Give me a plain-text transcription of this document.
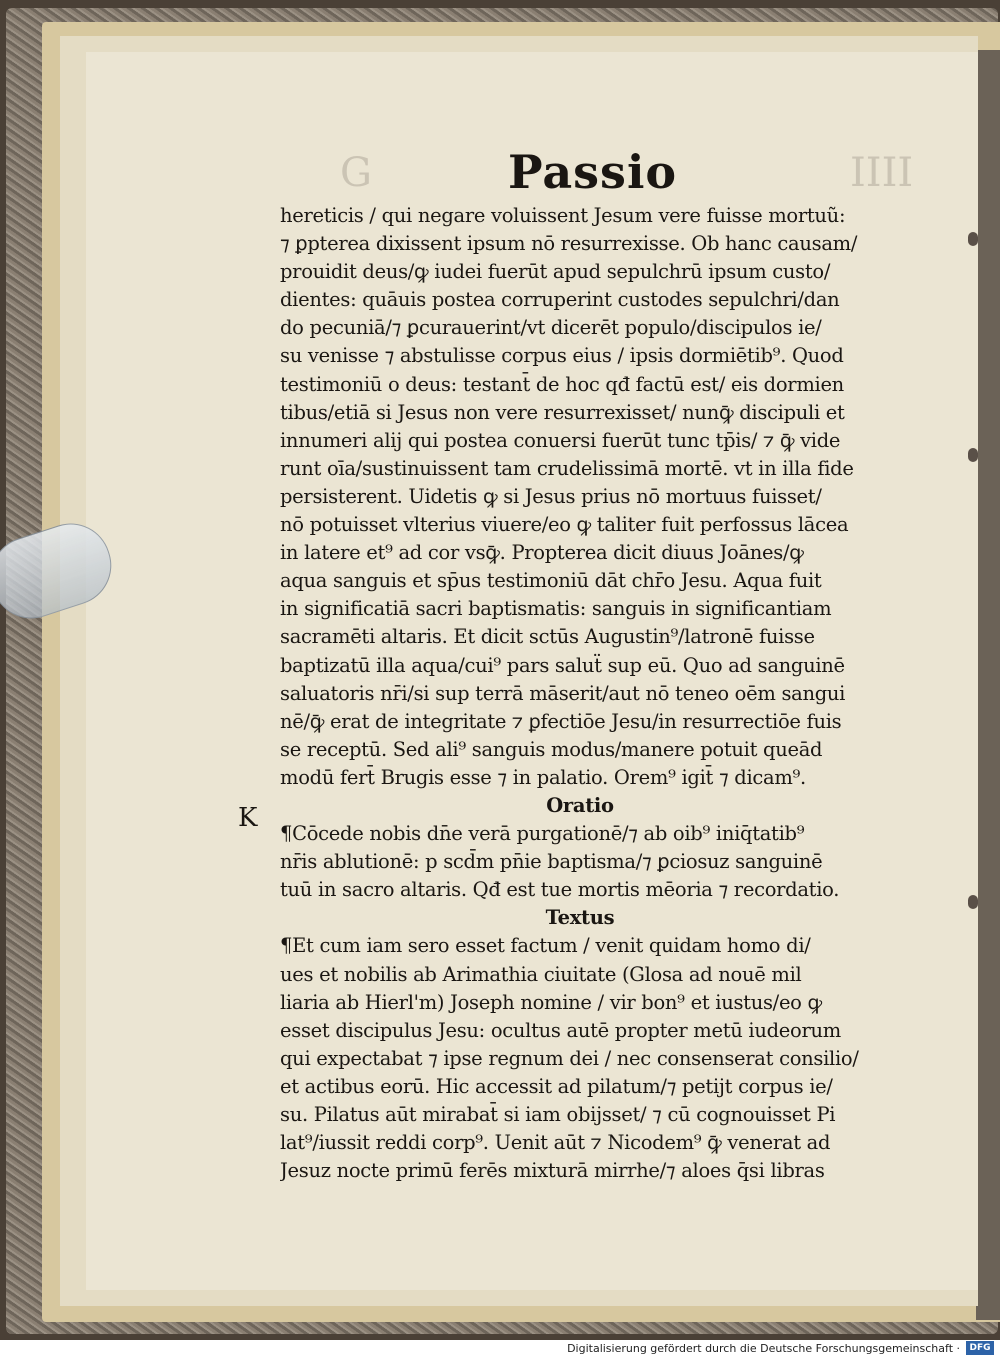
G	IIII
Passio
hereticis / qui negare voluissent Jesum vere fuisse mortuũ:
⁊ ꝑpterea dixissent ipsum nō resurrexisse. Ob hanc causam/
prouidit deus/ꝙ iudei fuerūt apud sepulchrū ipsum custo/
dientes: quāuis postea corruperint custodes sepulchri/dan
do pecuniā/⁊ ꝑcurauerint/vt dicerēt populo/discipulos ie/
su venisse ⁊ abstulisse corpus eius / ipsis dormiētib⁹. Quod
testimoniū o deus: testant̄ de hoc qđ factū est/ eis dormien
tibus/etiā si Jesus non vere resurrexisset/ nunꝙ̄ discipuli et
innumeri alij qui postea conuersi fuerūt tunc tp̄is/ ⁊ ꝙ̄ vide
runt oīa/sustinuissent tam crudelissimā mortē. vt in illa fide
persisterent. Uidetis ꝙ si Jesus prius nō mortuus fuisset/
nō potuisset vlterius viuere/eo ꝙ taliter fuit perfossus lācea
in latere et⁹ ad cor vsꝙ̄. Propterea dicit diuus Joānes/ꝙ
aqua sanguis et sp̄us testimoniū dāt chr̄o Jesu. Aqua fuit
in significatiā sacri baptismatis: sanguis in significantiam
sacramēti altaris. Et dicit sctūs Augustin⁹/latronē fuisse
baptizatū illa aqua/cui⁹ pars saluẗ sup eū. Quo ad sanguinē
saluatoris nr̄i/si sup terrā māserit/aut nō teneo oēm sangui
nē/ꝙ̄ erat de integritate ⁊ ꝑfectiōe Jesu/in resurrectiōe fuis
se receptū. Sed ali⁹ sanguis modus/manere potuit queād
modū fert̄ Brugis esse ⁊ in palatio. Orem⁹ igit̄ ⁊ dicam⁹.
Oratio
¶Cōcede nobis dn̄e verā purgationē/⁊ ab oib⁹ iniq̄tatib⁹
nr̄is ablutionē: p scd̄m pn̄ie baptisma/⁊ ꝑciosuz sanguinē
tuū in sacro altaris. Qđ est tue mortis mēoria ⁊ recordatio.
Textus
¶Et cum iam sero esset factum / venit quidam homo di/
ues et nobilis ab Arimathia ciuitate (Glosa ad nouē mil
liaria ab Hierl'm) Joseph nomine / vir bon⁹ et iustus/eo ꝙ
esset discipulus Jesu: ocultus autē propter metū iudeorum
qui expectabat ⁊ ipse regnum dei / nec consenserat consilio/
et actibus eorū. Hic accessit ad pilatum/⁊ petijt corpus ie/
su. Pilatus aūt mirabat̄ si iam obijsset/ ⁊ cū cognouisset Pi
lat⁹/iussit reddi corp⁹. Uenit aūt ⁊ Nicodem⁹ ꝙ̄ venerat ad
Jesuz nocte primū ferēs mixturā mirrhe/⁊ aloes q̄si libras
K
Digitalisierung gefördert durch die Deutsche Forschungsgemeinschaft ·	DFG
